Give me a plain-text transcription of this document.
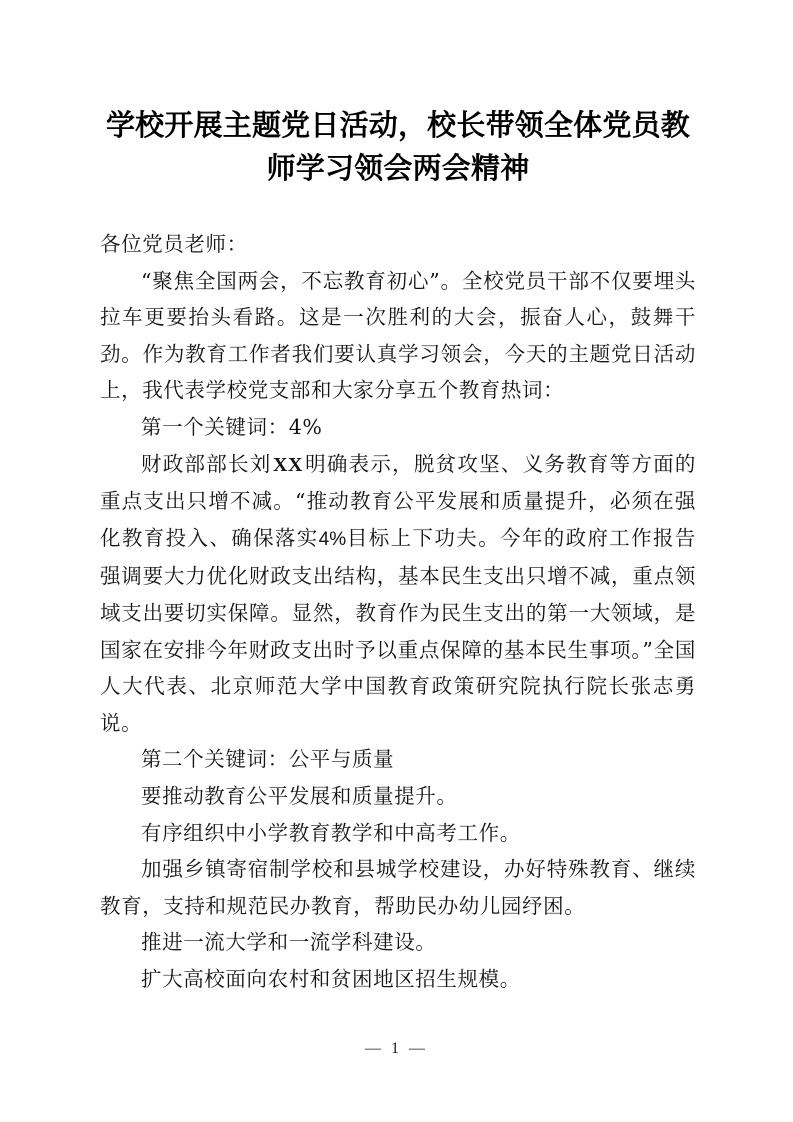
学校开展主题党日活动，校长带领全体党员教师学习领会两会精神

各位党员老师：

“聚焦全国两会，不忘教育初心”。全校党员干部不仅要埋头拉车更要抬头看路。这是一次胜利的大会，振奋人心，鼓舞干劲。作为教育工作者我们要认真学习领会，今天的主题党日活动上，我代表学校党支部和大家分享五个教育热词：

第一个关键词：4%

财政部部长刘XX明确表示，脱贫攻坚、义务教育等方面的重点支出只增不减。“推动教育公平发展和质量提升，必须在强化教育投入、确保落实4%目标上下功夫。今年的政府工作报告强调要大力优化财政支出结构，基本民生支出只增不减，重点领域支出要切实保障。显然，教育作为民生支出的第一大领域，是国家在安排今年财政支出时予以重点保障的基本民生事项。”全国人大代表、北京师范大学中国教育政策研究院执行院长张志勇说。

第二个关键词：公平与质量

要推动教育公平发展和质量提升。

有序组织中小学教育教学和中高考工作。

加强乡镇寄宿制学校和县城学校建设，办好特殊教育、继续教育，支持和规范民办教育，帮助民办幼儿园纾困。

推进一流大学和一流学科建设。

扩大高校面向农村和贫困地区招生规模。

— 1 —
